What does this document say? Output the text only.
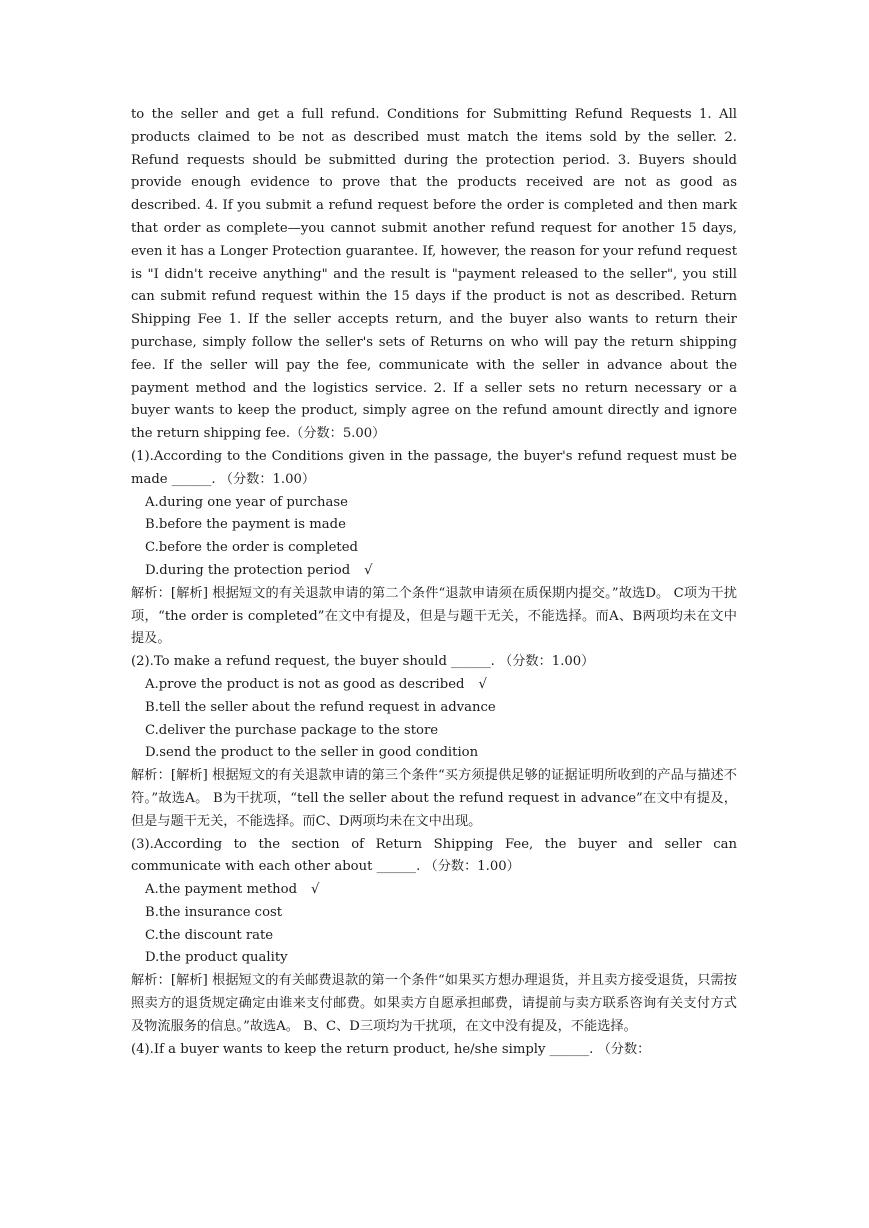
to the seller and get a full refund. Conditions for Submitting Refund Requests 1. All products claimed to be not as described must match the items sold by the seller. 2. Refund requests should be submitted during the protection period. 3. Buyers should provide enough evidence to prove that the products received are not as good as described. 4. If you submit a refund request before the order is completed and then mark that order as complete—you cannot submit another refund request for another 15 days, even it has a Longer Protection guarantee. If, however, the reason for your refund request is "I didn't receive anything" and the result is "payment released to the seller", you still can submit refund request within the 15 days if the product is not as described. Return Shipping Fee 1. If the seller accepts return, and the buyer also wants to return their purchase, simply follow the seller's sets of Returns on who will pay the return shipping fee. If the seller will pay the fee, communicate with the seller in advance about the payment method and the logistics service. 2. If a seller sets no return necessary or a buyer wants to keep the product, simply agree on the refund amount directly and ignore the return shipping fee.（分数：5.00）

(1).According to the Conditions given in the passage, the buyer's refund request must be made ______. （分数：1.00）

A.during one year of purchase
B.before the payment is made
C.before the order is completed
D.during the protection period √

解析：[解析] 根据短文的有关退款申请的第二个条件“退款申请须在质保期内提交。”故选D。 C项为干扰项，“the order is completed”在文中有提及，但是与题干无关，不能选择。而A、B两项均未在文中提及。

(2).To make a refund request, the buyer should ______. （分数：1.00）

A.prove the product is not as good as described √
B.tell the seller about the refund request in advance
C.deliver the purchase package to the store
D.send the product to the seller in good condition

解析：[解析] 根据短文的有关退款申请的第三个条件“买方须提供足够的证据证明所收到的产品与描述不符。”故选A。 B为干扰项，“tell the seller about the refund request in advance”在文中有提及，但是与题干无关，不能选择。而C、D两项均未在文中出现。

(3).According to the section of Return Shipping Fee, the buyer and seller can communicate with each other about ______. （分数：1.00）

A.the payment method √
B.the insurance cost
C.the discount rate
D.the product quality

解析：[解析] 根据短文的有关邮费退款的第一个条件“如果买方想办理退货，并且卖方接受退货，只需按照卖方的退货规定确定由谁来支付邮费。如果卖方自愿承担邮费，请提前与卖方联系咨询有关支付方式及物流服务的信息。”故选A。 B、C、D三项均为干扰项，在文中没有提及，不能选择。

(4).If a buyer wants to keep the return product, he/she simply ______. （分数：
